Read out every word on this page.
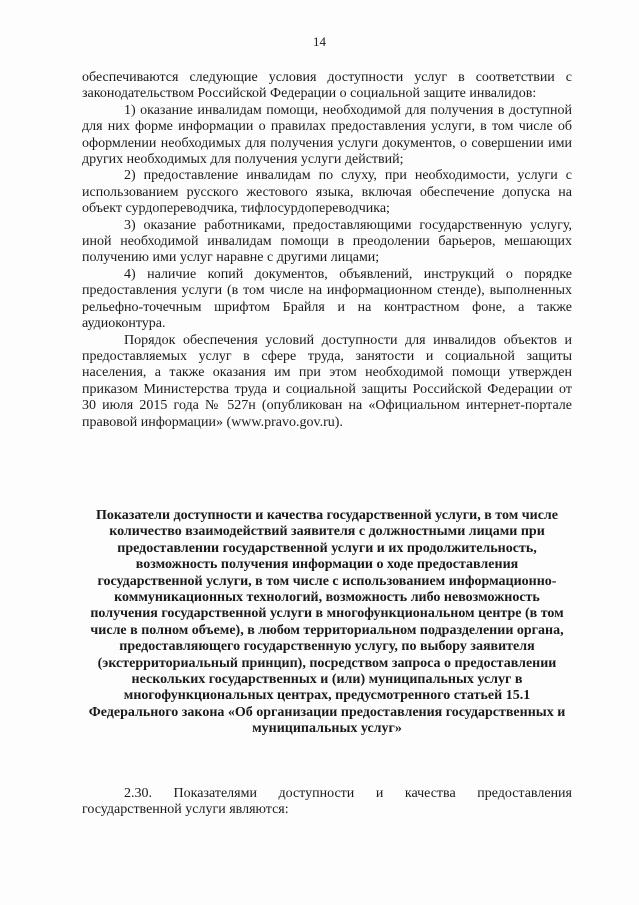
14

обеспечиваются следующие условия доступности услуг в соответствии с законодательством Российской Федерации о социальной защите инвалидов:

1) оказание инвалидам помощи, необходимой для получения в доступной для них форме информации о правилах предоставления услуги, в том числе об оформлении необходимых для получения услуги документов, о совершении ими других необходимых для получения услуги действий;

2) предоставление инвалидам по слуху, при необходимости, услуги с использованием русского жестового языка, включая обеспечение допуска на объект сурдопереводчика, тифлосурдопереводчика;

3) оказание работниками, предоставляющими государственную услугу, иной необходимой инвалидам помощи в преодолении барьеров, мешающих получению ими услуг наравне с другими лицами;

4) наличие копий документов, объявлений, инструкций о порядке предоставления услуги (в том числе на информационном стенде), выполненных рельефно-точечным шрифтом Брайля и на контрастном фоне, а также аудиоконтура.

Порядок обеспечения условий доступности для инвалидов объектов и предоставляемых услуг в сфере труда, занятости и социальной защиты населения, а также оказания им при этом необходимой помощи утвержден приказом Министерства труда и социальной защиты Российской Федерации от 30 июля 2015 года № 527н (опубликован на «Официальном интернет-портале правовой информации» (www.pravo.gov.ru).

Показатели доступности и качества государственной услуги, в том числе количество взаимодействий заявителя с должностными лицами при предоставлении государственной услуги и их продолжительность, возможность получения информации о ходе предоставления государственной услуги, в том числе с использованием информационно-коммуникационных технологий, возможность либо невозможность получения государственной услуги в многофункциональном центре (в том числе в полном объеме), в любом территориальном подразделении органа, предоставляющего государственную услугу, по выбору заявителя (экстерриториальный принцип), посредством запроса о предоставлении нескольких государственных и (или) муниципальных услуг в многофункциональных центрах, предусмотренного статьей 15.1 Федерального закона «Об организации предоставления государственных и муниципальных услуг»

2.30. Показателями доступности и качества предоставления государственной услуги являются:
